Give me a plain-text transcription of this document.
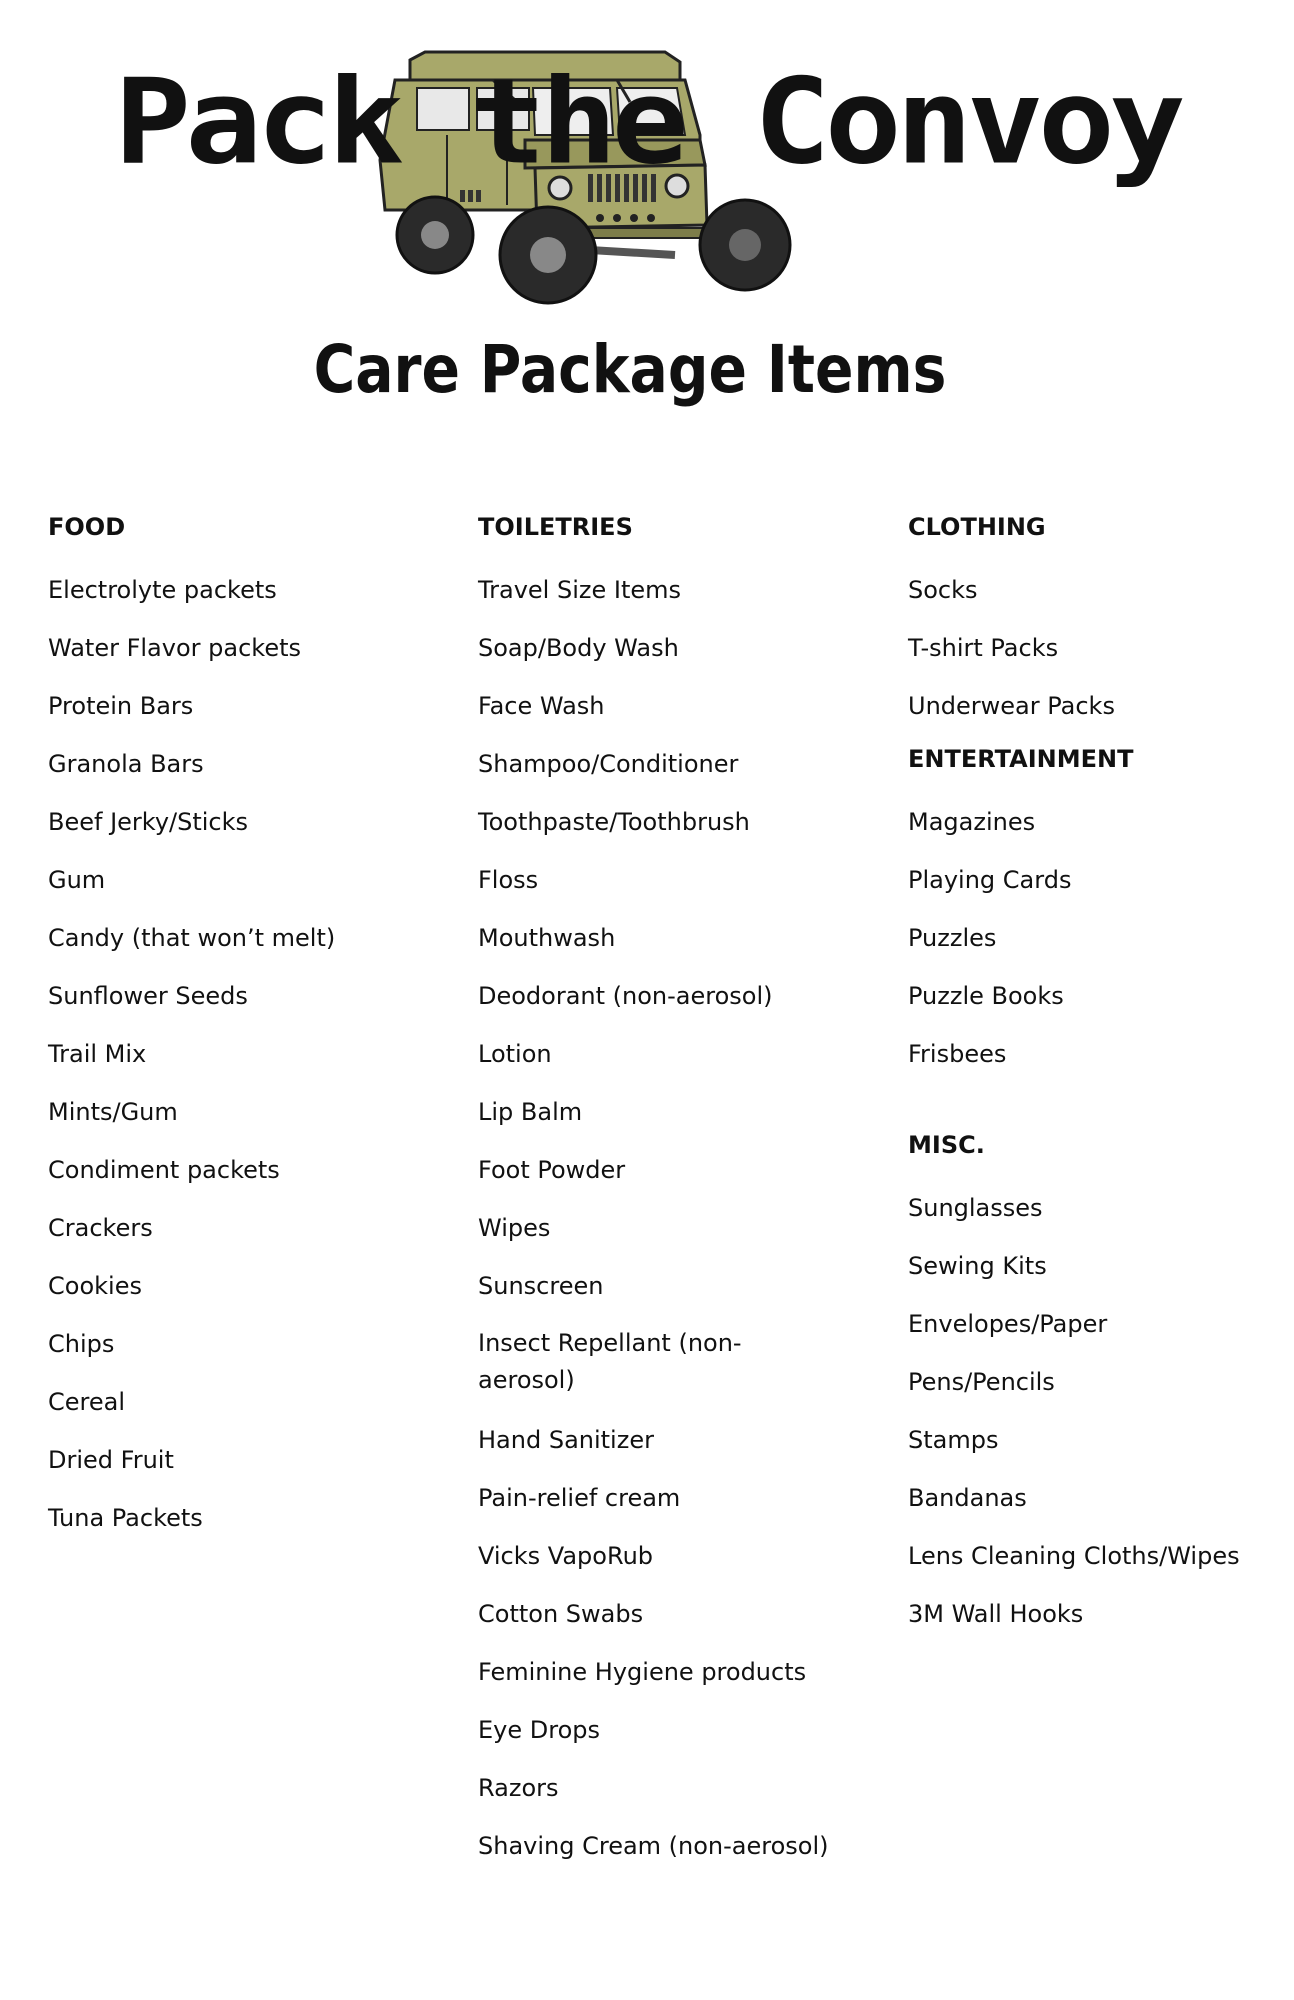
Pack the Convoy
Care Package Items
FOOD
Electrolyte packets
Water Flavor packets
Protein Bars
Granola Bars
Beef Jerky/Sticks
Gum
Candy (that won’t melt)
Sunflower Seeds
Trail Mix
Mints/Gum
Condiment packets
Crackers
Cookies
Chips
Cereal
Dried Fruit
Tuna Packets
TOILETRIES
Travel Size Items
Soap/Body Wash
Face Wash
Shampoo/Conditioner
Toothpaste/Toothbrush
Floss
Mouthwash
Deodorant (non-aerosol)
Lotion
Lip Balm
Foot Powder
Wipes
Sunscreen
Insect Repellant (non-aerosol)
Hand Sanitizer
Pain-relief cream
Vicks VapoRub
Cotton Swabs
Feminine Hygiene products
Eye Drops
Razors
Shaving Cream (non-aerosol)
CLOTHING
Socks
T-shirt Packs
Underwear Packs
ENTERTAINMENT
Magazines
Playing Cards
Puzzles
Puzzle Books
Frisbees
MISC.
Sunglasses
Sewing Kits
Envelopes/Paper
Pens/Pencils
Stamps
Bandanas
Lens Cleaning Cloths/Wipes
3M Wall Hooks
